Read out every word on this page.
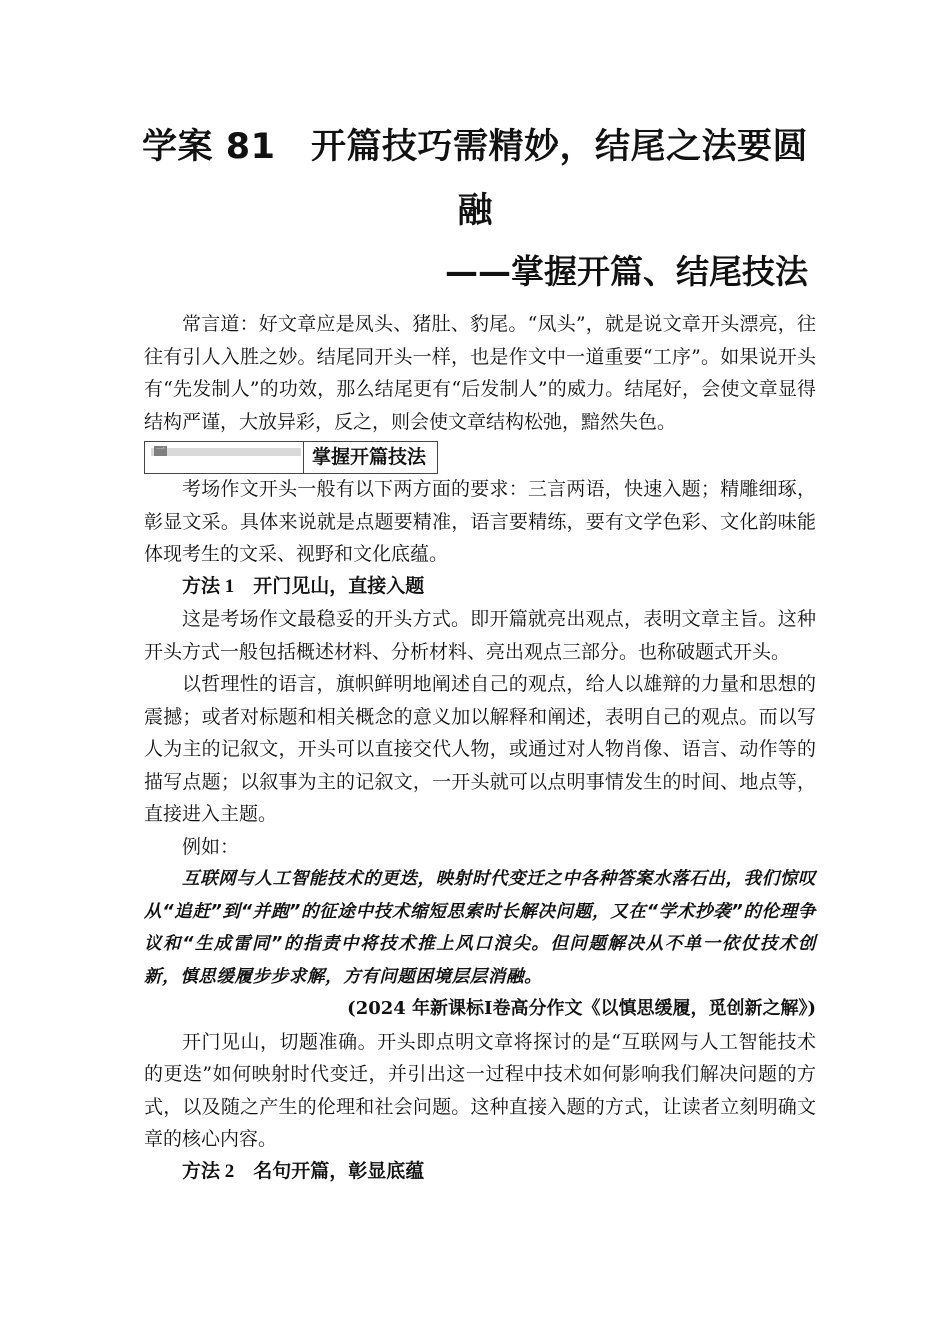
学案 81　开篇技巧需精妙，结尾之法要圆
融
——掌握开篇、结尾技法

常言道：好文章应是凤头、猪肚、豹尾。“凤头”，就是说文章开头漂亮，往往有引人入胜之妙。结尾同开头一样，也是作文中一道重要“工序”。如果说开头有“先发制人”的功效，那么结尾更有“后发制人”的威力。结尾好，会使文章显得结构严谨，大放异彩，反之，则会使文章结构松弛，黯然失色。

一	掌握开篇技法

考场作文开头一般有以下两方面的要求：三言两语，快速入题；精雕细琢，彰显文采。具体来说就是点题要精准，语言要精练，要有文学色彩、文化韵味能体现考生的文采、视野和文化底蕴。

方法 1　开门见山，直接入题

这是考场作文最稳妥的开头方式。即开篇就亮出观点，表明文章主旨。这种开头方式一般包括概述材料、分析材料、亮出观点三部分。也称破题式开头。

以哲理性的语言，旗帜鲜明地阐述自己的观点，给人以雄辩的力量和思想的震撼；或者对标题和相关概念的意义加以解释和阐述，表明自己的观点。而以写人为主的记叙文，开头可以直接交代人物，或通过对人物肖像、语言、动作等的描写点题；以叙事为主的记叙文，一开头就可以点明事情发生的时间、地点等，直接进入主题。

例如：

互联网与人工智能技术的更迭，映射时代变迁之中各种答案水落石出，我们惊叹从“追赶”到“并跑”的征途中技术缩短思索时长解决问题，又在“学术抄袭”的伦理争议和“生成雷同”的指责中将技术推上风口浪尖。但问题解决从不单一依仗技术创新，慎思缓履步步求解，方有问题困境层层消融。

(2024 年新课标Ⅰ卷高分作文《以慎思缓履，觅创新之解》)

开门见山，切题准确。开头即点明文章将探讨的是“互联网与人工智能技术的更迭”如何映射时代变迁，并引出这一过程中技术如何影响我们解决问题的方式，以及随之产生的伦理和社会问题。这种直接入题的方式，让读者立刻明确文章的核心内容。

方法 2　名句开篇，彰显底蕴
